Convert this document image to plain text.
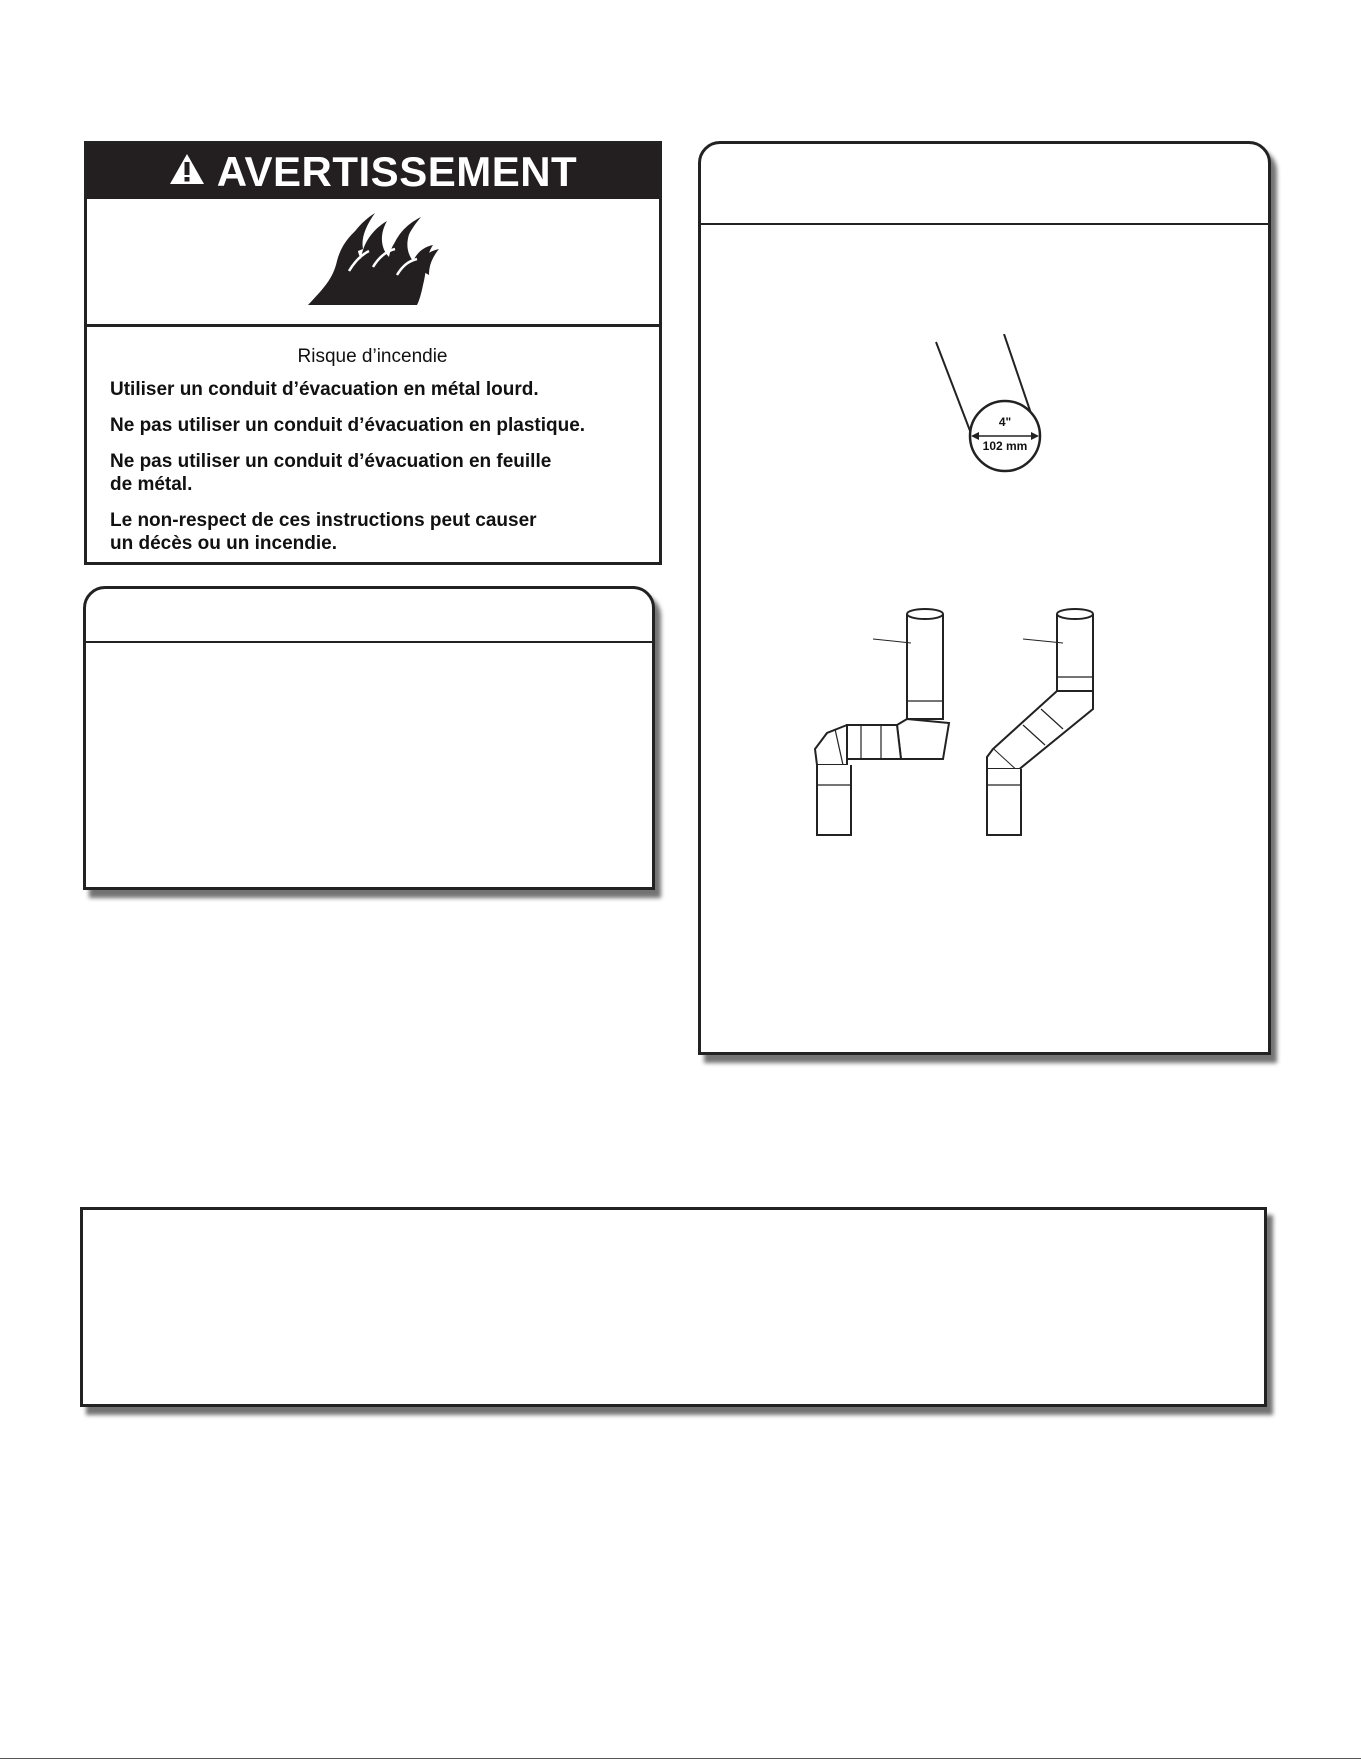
AVERTISSEMENT
Risque d’incendie
Utiliser un conduit d’évacuation en métal lourd.
Ne pas utiliser un conduit d’évacuation en plastique.
Ne pas utiliser un conduit d’évacuation en feuille
de métal.
Le non-respect de ces instructions peut causer
un décès ou un incendie.
4"
102 mm
